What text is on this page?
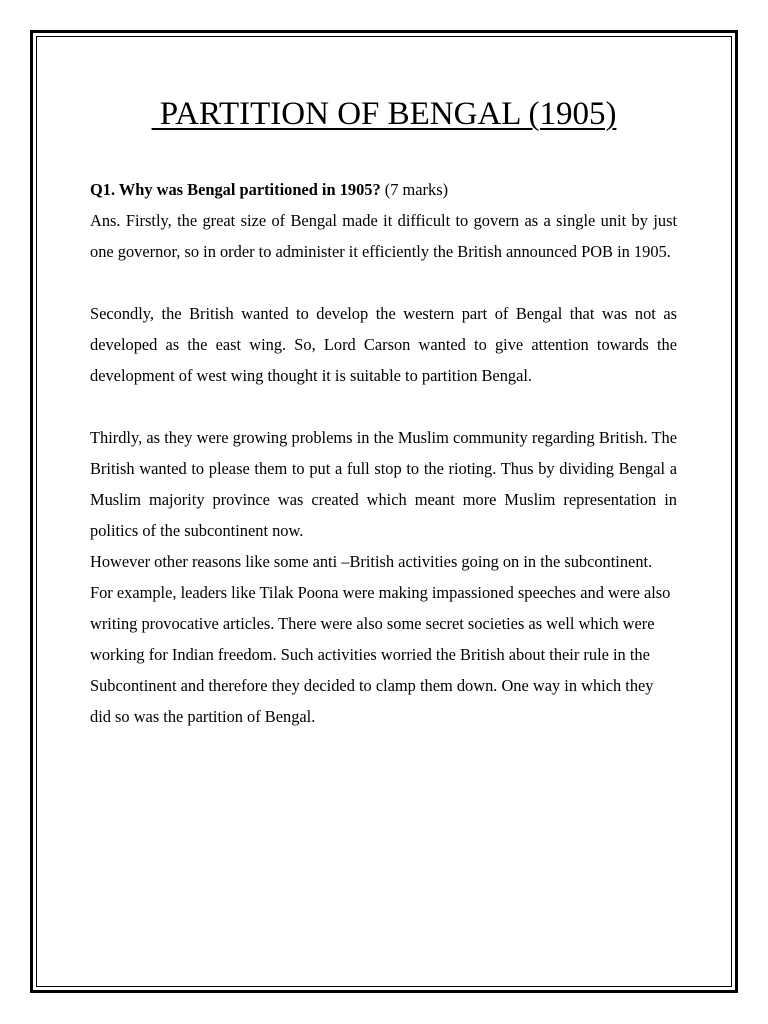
PARTITION OF BENGAL (1905)

Q1. Why was Bengal partitioned in 1905? (7 marks)

Ans. Firstly, the great size of Bengal made it difficult to govern as a single unit by just one governor, so in order to administer it efficiently the British announced POB in 1905.

Secondly, the British wanted to develop the western part of Bengal that was not as developed as the east wing. So, Lord Carson wanted to give attention towards the development of west wing thought it is suitable to partition Bengal.

Thirdly, as they were growing problems in the Muslim community regarding British. The British wanted to please them to put a full stop to the rioting. Thus by dividing Bengal a Muslim majority province was created which meant more Muslim representation in politics of the subcontinent now.

However other reasons like some anti –British activities going on in the subcontinent. For example, leaders like Tilak Poona were making impassioned speeches and were also writing provocative articles. There were also some secret societies as well which were working for Indian freedom. Such activities worried the British about their rule in the Subcontinent and therefore they decided to clamp them down. One way in which they did so was the partition of Bengal.
